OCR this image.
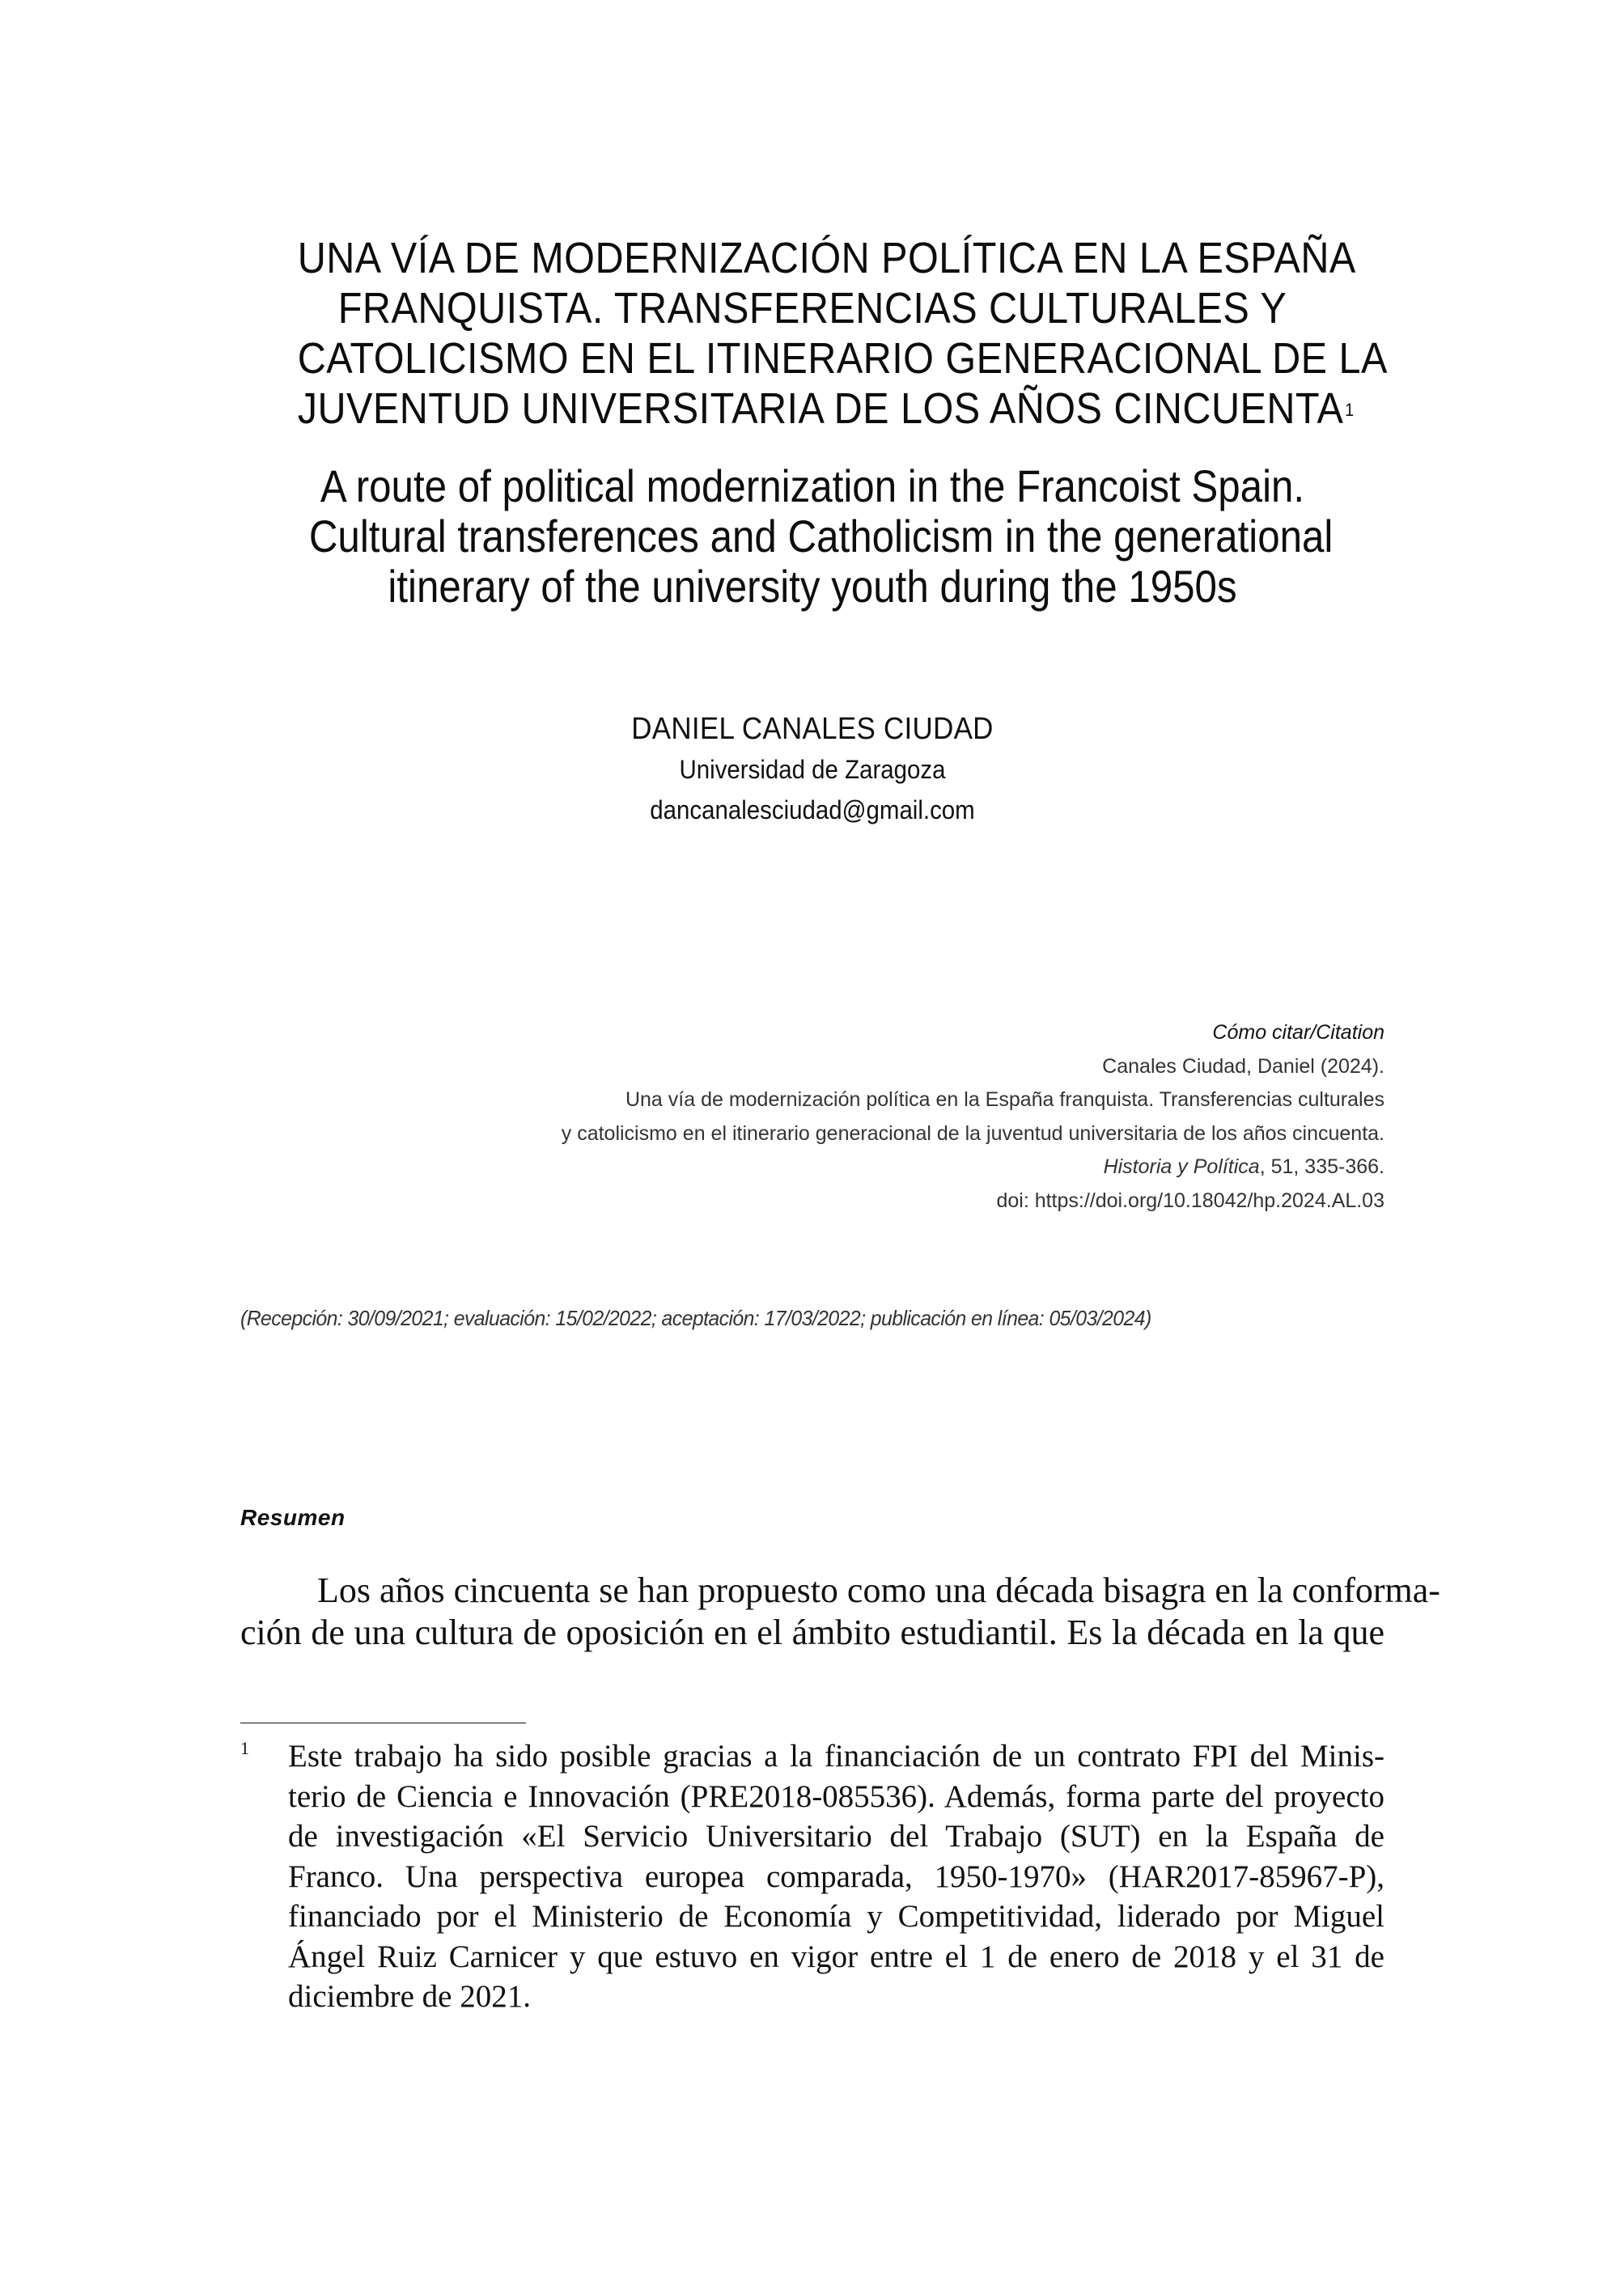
UNA VÍA DE MODERNIZACIÓN POLÍTICA EN LA ESPAÑA
FRANQUISTA. TRANSFERENCIAS CULTURALES Y
CATOLICISMO EN EL ITINERARIO GENERACIONAL DE LA
JUVENTUD UNIVERSITARIA DE LOS AÑOS CINCUENTA$^1$
A route of political modernization in the Francoist Spain.
Cultural transferences and Catholicism in the generational
itinerary of the university youth during the 1950s
DANIEL CANALES CIUDAD
Universidad de Zaragoza
dancanalesciudad@gmail.com
Cómo citar/Citation
Canales Ciudad, Daniel (2024).
Una vía de modernización política en la España franquista. Transferencias culturales
y catolicismo en el itinerario generacional de la juventud universitaria de los años cincuenta.
Historia y Política, 51, 335-366.
doi: https://doi.org/10.18042/hp.2024.AL.03
(Recepción: 30/09/2021; evaluación: 15/02/2022; aceptación: 17/03/2022; publicación en línea: 05/03/2024)
Resumen
Los años cincuenta se han propuesto como una década bisagra en la conforma-
ción de una cultura de oposición en el ámbito estudiantil. Es la década en la que
1 Este trabajo ha sido posible gracias a la financiación de un contrato FPI del Minis-
terio de Ciencia e Innovación (PRE2018-085536). Además, forma parte del proyecto
de investigación «El Servicio Universitario del Trabajo (SUT) en la España de
Franco. Una perspectiva europea comparada, 1950-1970» (HAR2017-85967-P),
financiado por el Ministerio de Economía y Competitividad, liderado por Miguel
Ángel Ruiz Carnicer y que estuvo en vigor entre el 1 de enero de 2018 y el 31 de
diciembre de 2021.
